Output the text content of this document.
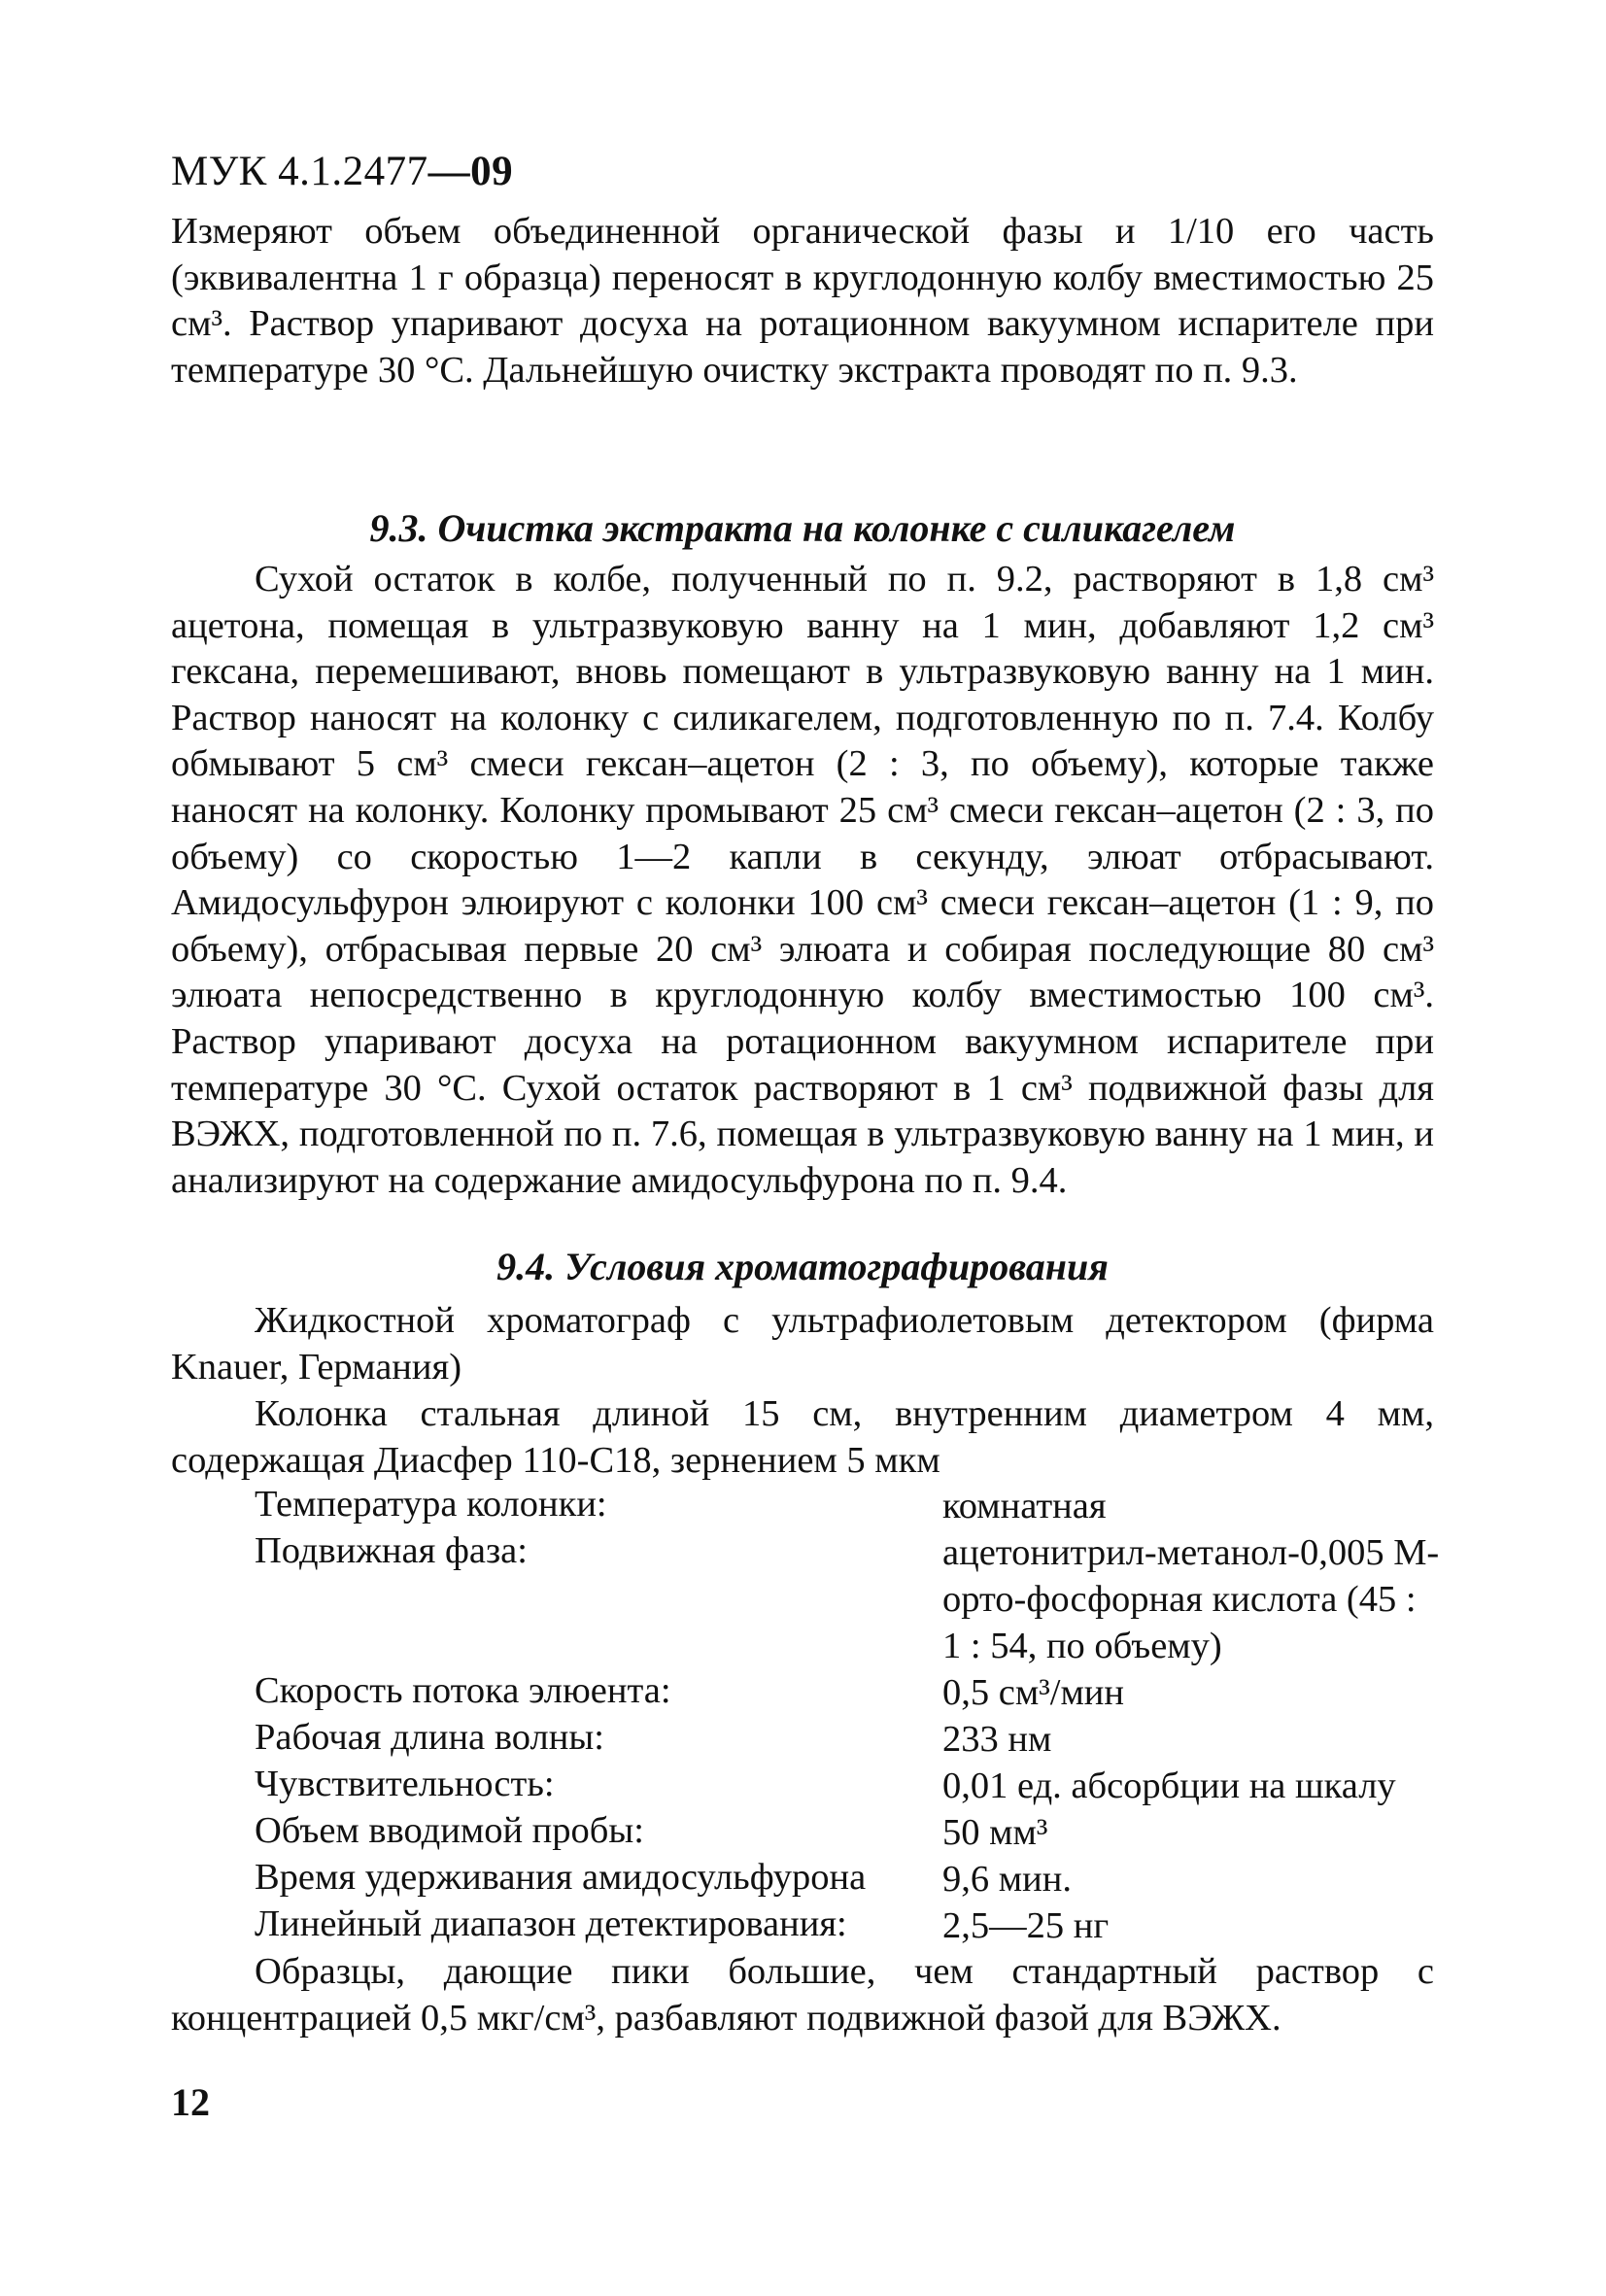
МУК 4.1.2477—09

Измеряют объем объединенной органической фазы и 1/10 его часть (эквивалентна 1 г образца) переносят в круглодонную колбу вместимостью 25 см³. Раствор упаривают досуха на ротационном вакуумном испарителе при температуре 30 °С. Дальнейшую очистку экстракта проводят по п. 9.3.

9.3. Очистка экстракта на колонке с силикагелем

Сухой остаток в колбе, полученный по п. 9.2, растворяют в 1,8 см³ ацетона, помещая в ультразвуковую ванну на 1 мин, добавляют 1,2 см³ гексана, перемешивают, вновь помещают в ультразвуковую ванну на 1 мин. Раствор наносят на колонку с силикагелем, подготовленную по п. 7.4. Колбу обмывают 5 см³ смеси гексан–ацетон (2 : 3, по объему), которые также наносят на колонку. Колонку промывают 25 см³ смеси гексан–ацетон (2 : 3, по объему) со скоростью 1—2 капли в секунду, элюат отбрасывают. Амидосульфурон элюируют с колонки 100 см³ смеси гексан–ацетон (1 : 9, по объему), отбрасывая первые 20 см³ элюата и собирая последующие 80 см³ элюата непосредственно в круглодонную колбу вместимостью 100 см³. Раствор упаривают досуха на ротационном вакуумном испарителе при температуре 30 °С. Сухой остаток растворяют в 1 см³ подвижной фазы для ВЭЖХ, подготовленной по п. 7.6, помещая в ультразвуковую ванну на 1 мин, и анализируют на содержание амидосульфурона по п. 9.4.

9.4. Условия хроматографирования

Жидкостной хроматограф с ультрафиолетовым детектором (фирма Knauer, Германия)

Колонка стальная длиной 15 см, внутренним диаметром 4 мм, содержащая Диасфер 110-С18, зернением 5 мкм

Температура колонки:	комнатная
Подвижная фаза:	ацетонитрил-метанол-0,005 М-орто-фосфорная кислота (45 : 1 : 54, по объему)
Скорость потока элюента:	0,5 см³/мин
Рабочая длина волны:	233 нм
Чувствительность:	0,01 ед. абсорбции на шкалу
Объем вводимой пробы:	50 мм³
Время удерживания амидосульфурона 9,6 мин.
Линейный диапазон детектирования:	2,5—25 нг

Образцы, дающие пики большие, чем стандартный раствор с концентрацией 0,5 мкг/см³, разбавляют подвижной фазой для ВЭЖХ.

12
